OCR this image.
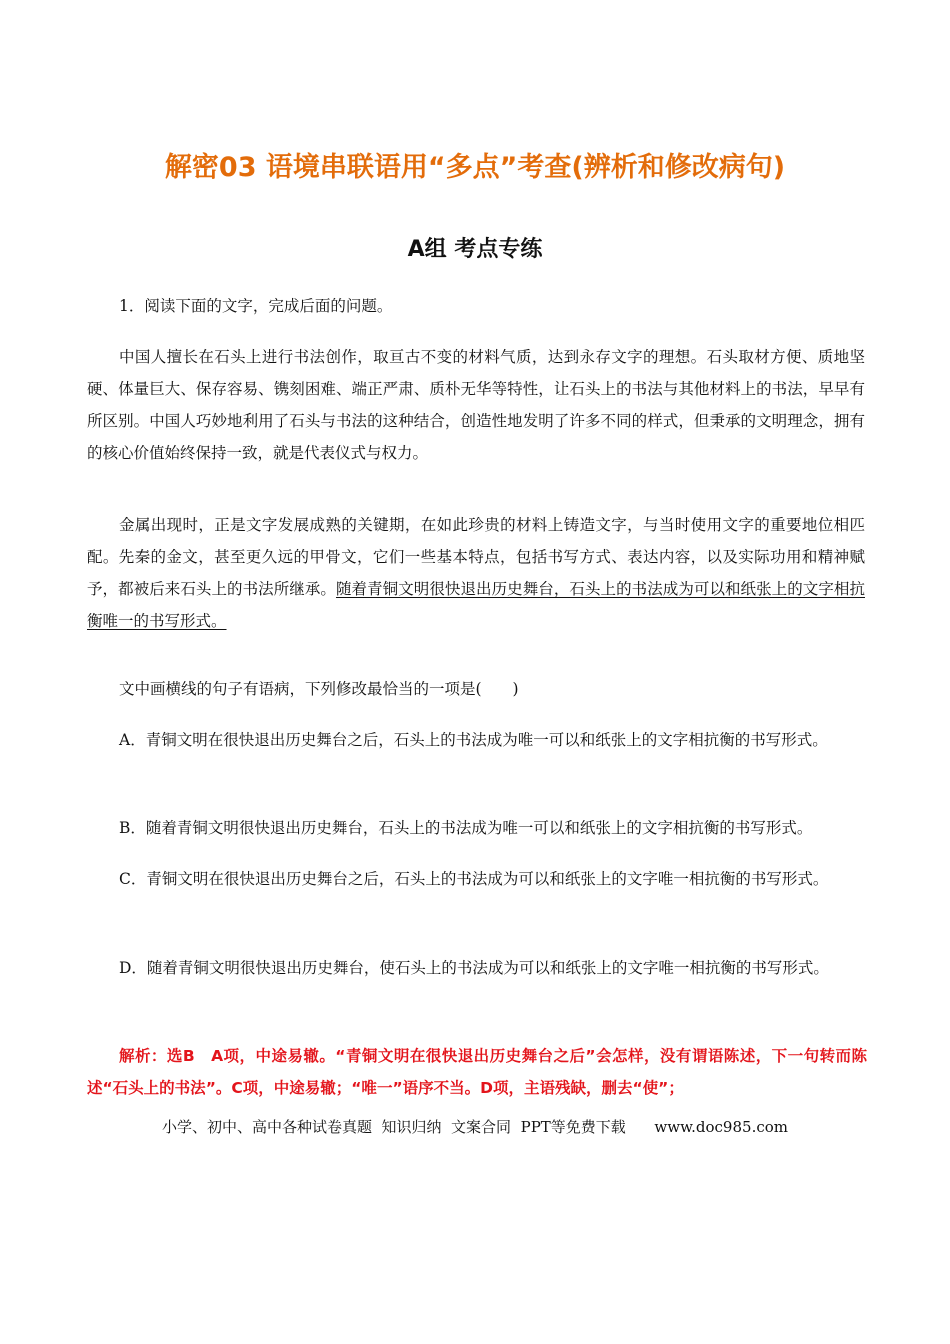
解密03 语境串联语用“多点”考查(辨析和修改病句)
A组 考点专练
1．阅读下面的文字，完成后面的问题。
中国人擅长在石头上进行书法创作，取亘古不变的材料气质，达到永存文字的理想。石头取材方便、质地坚硬、体量巨大、保存容易、镌刻困难、端正严肃、质朴无华等特性，让石头上的书法与其他材料上的书法，早早有所区别。中国人巧妙地利用了石头与书法的这种结合，创造性地发明了许多不同的样式，但秉承的文明理念，拥有的核心价值始终保持一致，就是代表仪式与权力。
金属出现时，正是文字发展成熟的关键期，在如此珍贵的材料上铸造文字，与当时使用文字的重要地位相匹配。先秦的金文，甚至更久远的甲骨文，它们一些基本特点，包括书写方式、表达内容，以及实际功用和精神赋予，都被后来石头上的书法所继承。随着青铜文明很快退出历史舞台，石头上的书法成为可以和纸张上的文字相抗衡唯一的书写形式。
文中画横线的句子有语病，下列修改最恰当的一项是(　　)
A．青铜文明在很快退出历史舞台之后，石头上的书法成为唯一可以和纸张上的文字相抗衡的书写形式。
B．随着青铜文明很快退出历史舞台，石头上的书法成为唯一可以和纸张上的文字相抗衡的书写形式。
C．青铜文明在很快退出历史舞台之后，石头上的书法成为可以和纸张上的文字唯一相抗衡的书写形式。
D．随着青铜文明很快退出历史舞台，使石头上的书法成为可以和纸张上的文字唯一相抗衡的书写形式。
解析：选B　A项，中途易辙。“青铜文明在很快退出历史舞台之后”会怎样，没有谓语陈述，下一句转而陈述“石头上的书法”。C项，中途易辙；“唯一”语序不当。D项，主语残缺，删去“使”；
小学、初中、高中各种试卷真题  知识归纳  文案合同  PPT等免费下载      www.doc985.com
